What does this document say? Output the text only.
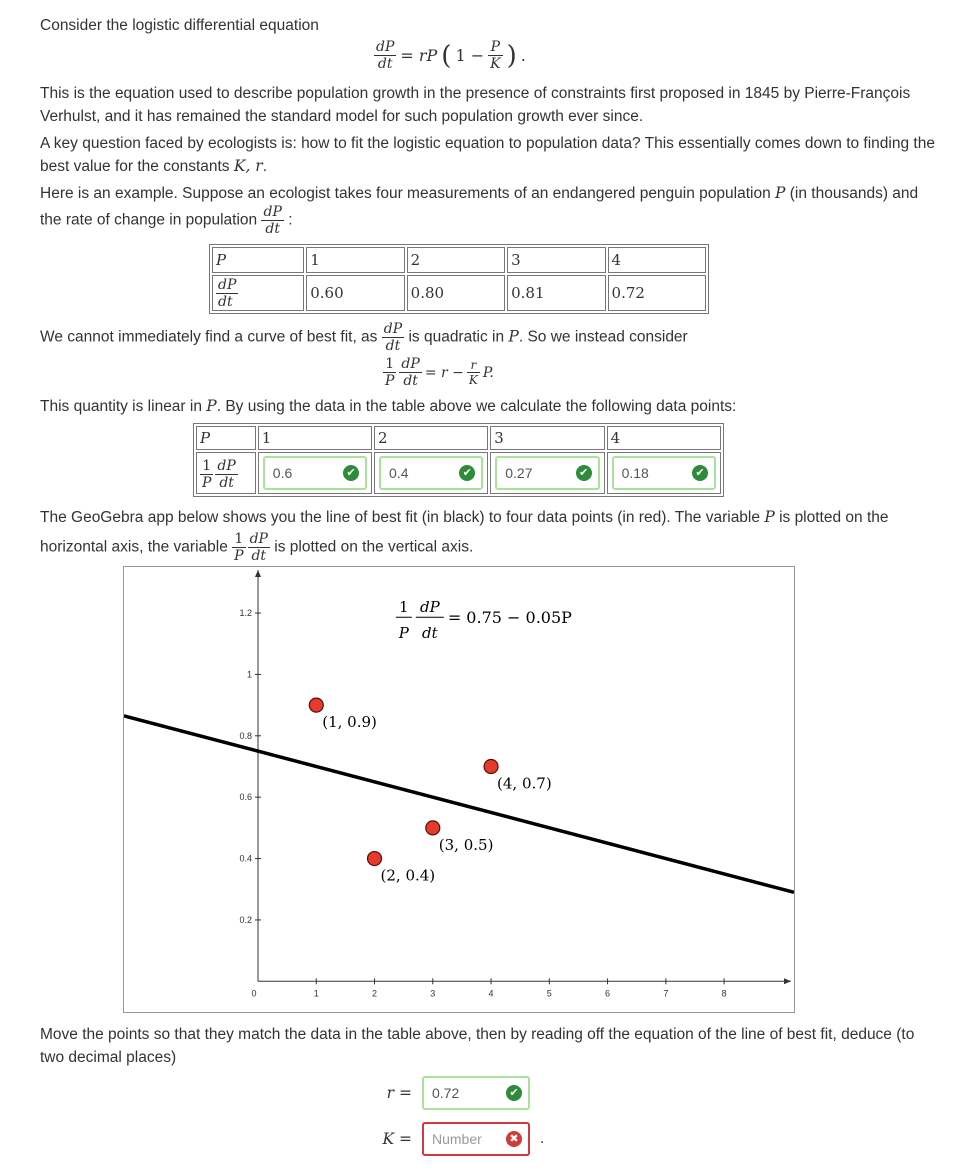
Consider the logistic differential equation
$\frac{dP}{dt}$ = rP ( $1 - \frac{P}{K}$ ) .
This is the equation used to describe population growth in the presence of constraints first proposed in 1845 by Pierre-François Verhulst, and it has remained the standard model for such population growth ever since.
A key question faced by ecologists is: how to fit the logistic equation to population data? This essentially comes down to finding the best value for the constants K, r.
Here is an example. Suppose an ecologist takes four measurements of an endangered penguin population P (in thousands) and the rate of change in population $\frac{dP}{dt}$ :
P	1	2	3	4

$\frac{dP}{dt}$	0.60	0.80	0.81	0.72
We cannot immediately find a curve of best fit, as $\frac{dP}{dt}$ is quadratic in P. So we instead consider
$\frac{1}{P} \frac{dP}{dt} = r - \frac{r}{K} P$.
This quantity is linear in P. By using the data in the table above we calculate the following data points:
P	1	2	3	4

$\frac{1}{P} \frac{dP}{dt}$	0.6 ✔	0.4 ✔	0.27 ✔	0.18 ✔
The GeoGebra app below shows you the line of best fit (in black) to four data points (in red). The variable P is plotted on the horizontal axis, the variable $\frac{1}{P} \frac{dP}{dt}$ is plotted on the vertical axis.
0	1	2	3	4	5	6	7	8
0.2
0.4
0.6
0.8
1
1.2	1
P
dP
dt
= 0.75 − 0.05P
(1, 0.9)
(2, 0.4)
(3, 0.5)
(4, 0.7)
Move the points so that they match the data in the table above, then by reading off the equation of the line of best fit, deduce (to two decimal places)
r = 0.72	✔
K = Number	✖ .
